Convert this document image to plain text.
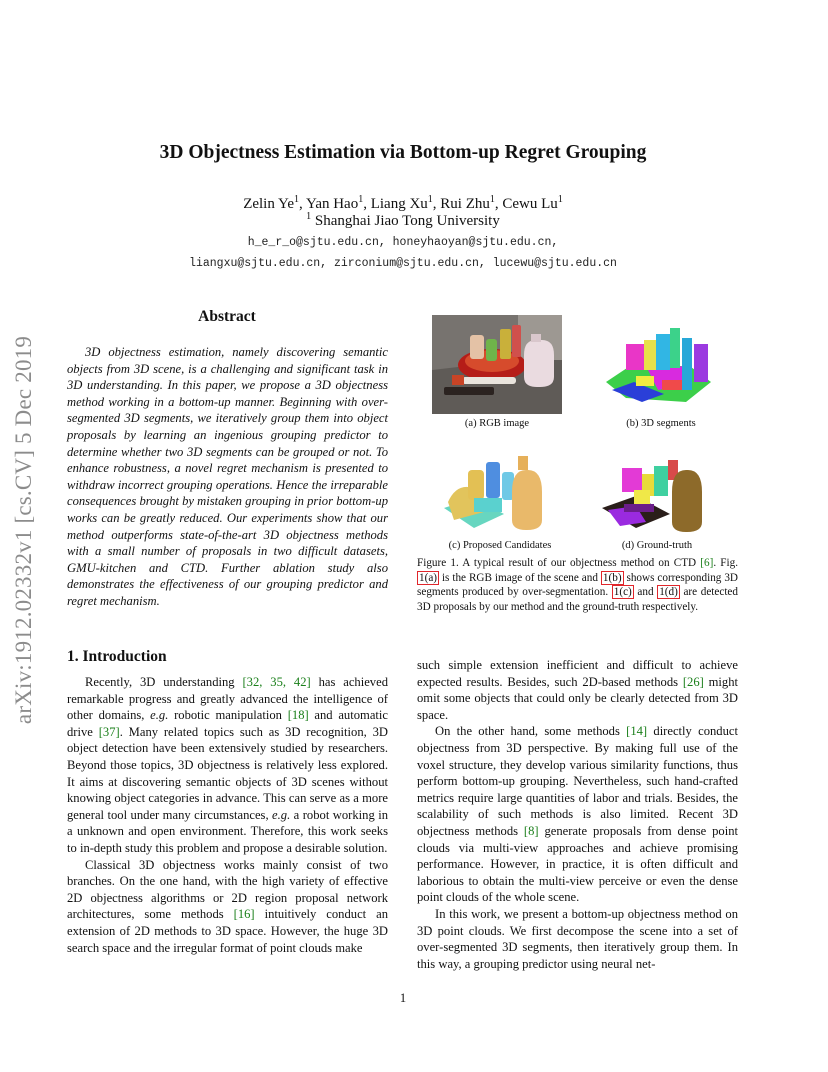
arXiv:1912.02332v1 [cs.CV] 5 Dec 2019
3D Objectness Estimation via Bottom-up Regret Grouping
Zelin Ye$^1$, Yan Hao$^1$, Liang Xu$^1$, Rui Zhu$^1$, Cewu Lu$^1$
$^1$ Shanghai Jiao Tong University
h_e_r_o@sjtu.edu.cn, honeyhaoyan@sjtu.edu.cn,
liangxu@sjtu.edu.cn, zirconium@sjtu.edu.cn, lucewu@sjtu.edu.cn
Abstract

3D objectness estimation, namely discovering semantic objects from 3D scene, is a challenging and significant task in 3D understanding. In this paper, we propose a 3D objectness method working in a bottom-up manner. Beginning with over-segmented 3D segments, we iteratively group them into object proposals by learning an ingenious grouping predictor to determine whether two 3D segments can be grouped or not. To enhance robustness, a novel regret mechanism is presented to withdraw incorrect grouping operations. Hence the irreparable consequences brought by mistaken grouping in prior bottom-up works can be greatly reduced. Our experiments show that our method outperforms state-of-the-art 3D objectness methods with a small number of proposals in two difficult datasets, GMU-kitchen and CTD. Further ablation study also demonstrates the effectiveness of our grouping predictor and regret mechanism.

(a) RGB image	(b) 3D segments
(c) Proposed Candidates	(d) Ground-truth

Figure 1. A typical result of our objectness method on CTD [6]. Fig. 1(a) is the RGB image of the scene and 1(b) shows corresponding 3D segments produced by over-segmentation. 1(c) and 1(d) are detected 3D proposals by our method and the ground-truth respectively.

1. Introduction

Recently, 3D understanding [32, 35, 42] has achieved remarkable progress and greatly advanced the intelligence of other domains, e.g. robotic manipulation [18] and automatic drive [37]. Many related topics such as 3D recognition, 3D object detection have been extensively studied by researchers. Beyond those topics, 3D objectness is relatively less explored. It aims at discovering semantic objects of 3D scenes without knowing object categories in advance. This can serve as a more general tool under many circumstances, e.g. a robot working in a unknown and open environment. Therefore, this work seeks to in-depth study this problem and propose a desirable solution.

Classical 3D objectness works mainly consist of two branches. On the one hand, with the high variety of effective 2D objectness algorithms or 2D region proposal network architectures, some methods [16] intuitively conduct an extension of 2D methods to 3D space. However, the huge 3D search space and the irregular format of point clouds make

such simple extension inefficient and difficult to achieve expected results. Besides, such 2D-based methods [26] might omit some objects that could only be clearly detected from 3D space.

On the other hand, some methods [14] directly conduct objectness from 3D perspective. By making full use of the voxel structure, they develop various similarity functions, thus perform bottom-up grouping. Nevertheless, such hand-crafted metrics require large quantities of labor and trials. Besides, the scalability of such methods is also limited. Recent 3D objectness methods [8] generate proposals from dense point clouds via multi-view approaches and achieve promising performance. However, in practice, it is often difficult and laborious to obtain the multi-view perceive or even the dense point clouds of the whole scene.

In this work, we present a bottom-up objectness method on 3D point clouds. We first decompose the scene into a set of over-segmented 3D segments, then iteratively group them. In this way, a grouping predictor using neural net-

1
